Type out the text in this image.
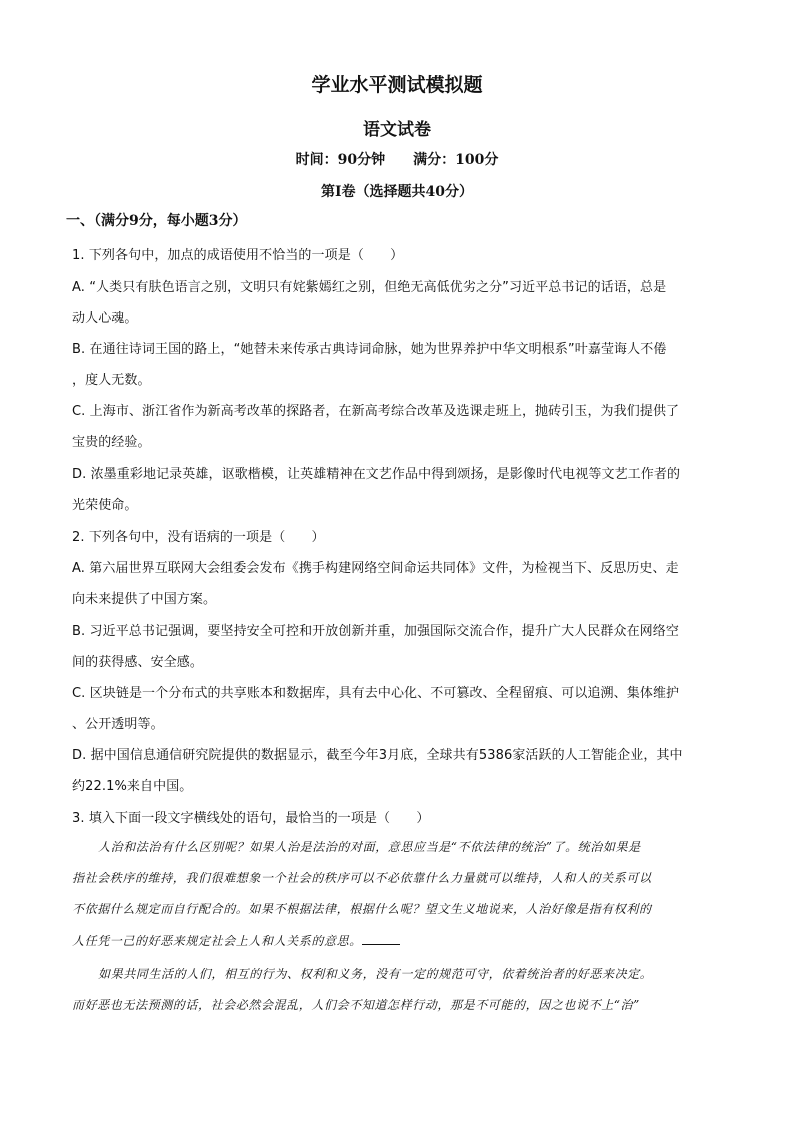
学业水平测试模拟题
语文试卷
时间：90分钟 满分：100分
第Ⅰ卷（选择题共40分）
一、（满分9分，每小题3分）
1. 下列各句中，加点的成语使用不恰当的一项是（　　）
A. “人类只有肤色语言之别，文明只有姹紫嫣红之别，但绝无高低优劣之分”习近平总书记的话语，总是
动人心魂。
B. 在通往诗词王国的路上，“她替未来传承古典诗词命脉，她为世界养护中华文明根系”叶嘉莹诲人不倦
，度人无数。
C. 上海市、浙江省作为新高考改革的探路者，在新高考综合改革及选课走班上，抛砖引玉，为我们提供了
宝贵的经验。
D. 浓墨重彩地记录英雄，讴歌楷模，让英雄精神在文艺作品中得到颂扬，是影像时代电视等文艺工作者的
光荣使命。
2. 下列各句中，没有语病的一项是（　　）
A. 第六届世界互联网大会组委会发布《携手构建网络空间命运共同体》文件，为检视当下、反思历史、走
向未来提供了中国方案。
B. 习近平总书记强调，要坚持安全可控和开放创新并重，加强国际交流合作，提升广大人民群众在网络空
间的获得感、安全感。
C. 区块链是一个分布式的共享账本和数据库，具有去中心化、不可篡改、全程留痕、可以追溯、集体维护
、公开透明等。
D. 据中国信息通信研究院提供的数据显示，截至今年3月底，全球共有5386家活跃的人工智能企业，其中
约22.1%来自中国。
3. 填入下面一段文字横线处的语句，最恰当的一项是（　　）
人治和法治有什么区别呢？如果人治是法治的对面，意思应当是“不依法律的统治”了。统治如果是
指社会秩序的维持，我们很难想象一个社会的秩序可以不必依靠什么力量就可以维持，人和人的关系可以
不依据什么规定而自行配合的。如果不根据法律，根据什么呢？望文生义地说来，人治好像是指有权利的
人任凭一己的好恶来规定社会上人和人关系的意思。
如果共同生活的人们，相互的行为、权利和义务，没有一定的规范可守，依着统治者的好恶来决定。
而好恶也无法预测的话，社会必然会混乱，人们会不知道怎样行动，那是不可能的，因之也说不上“治”
